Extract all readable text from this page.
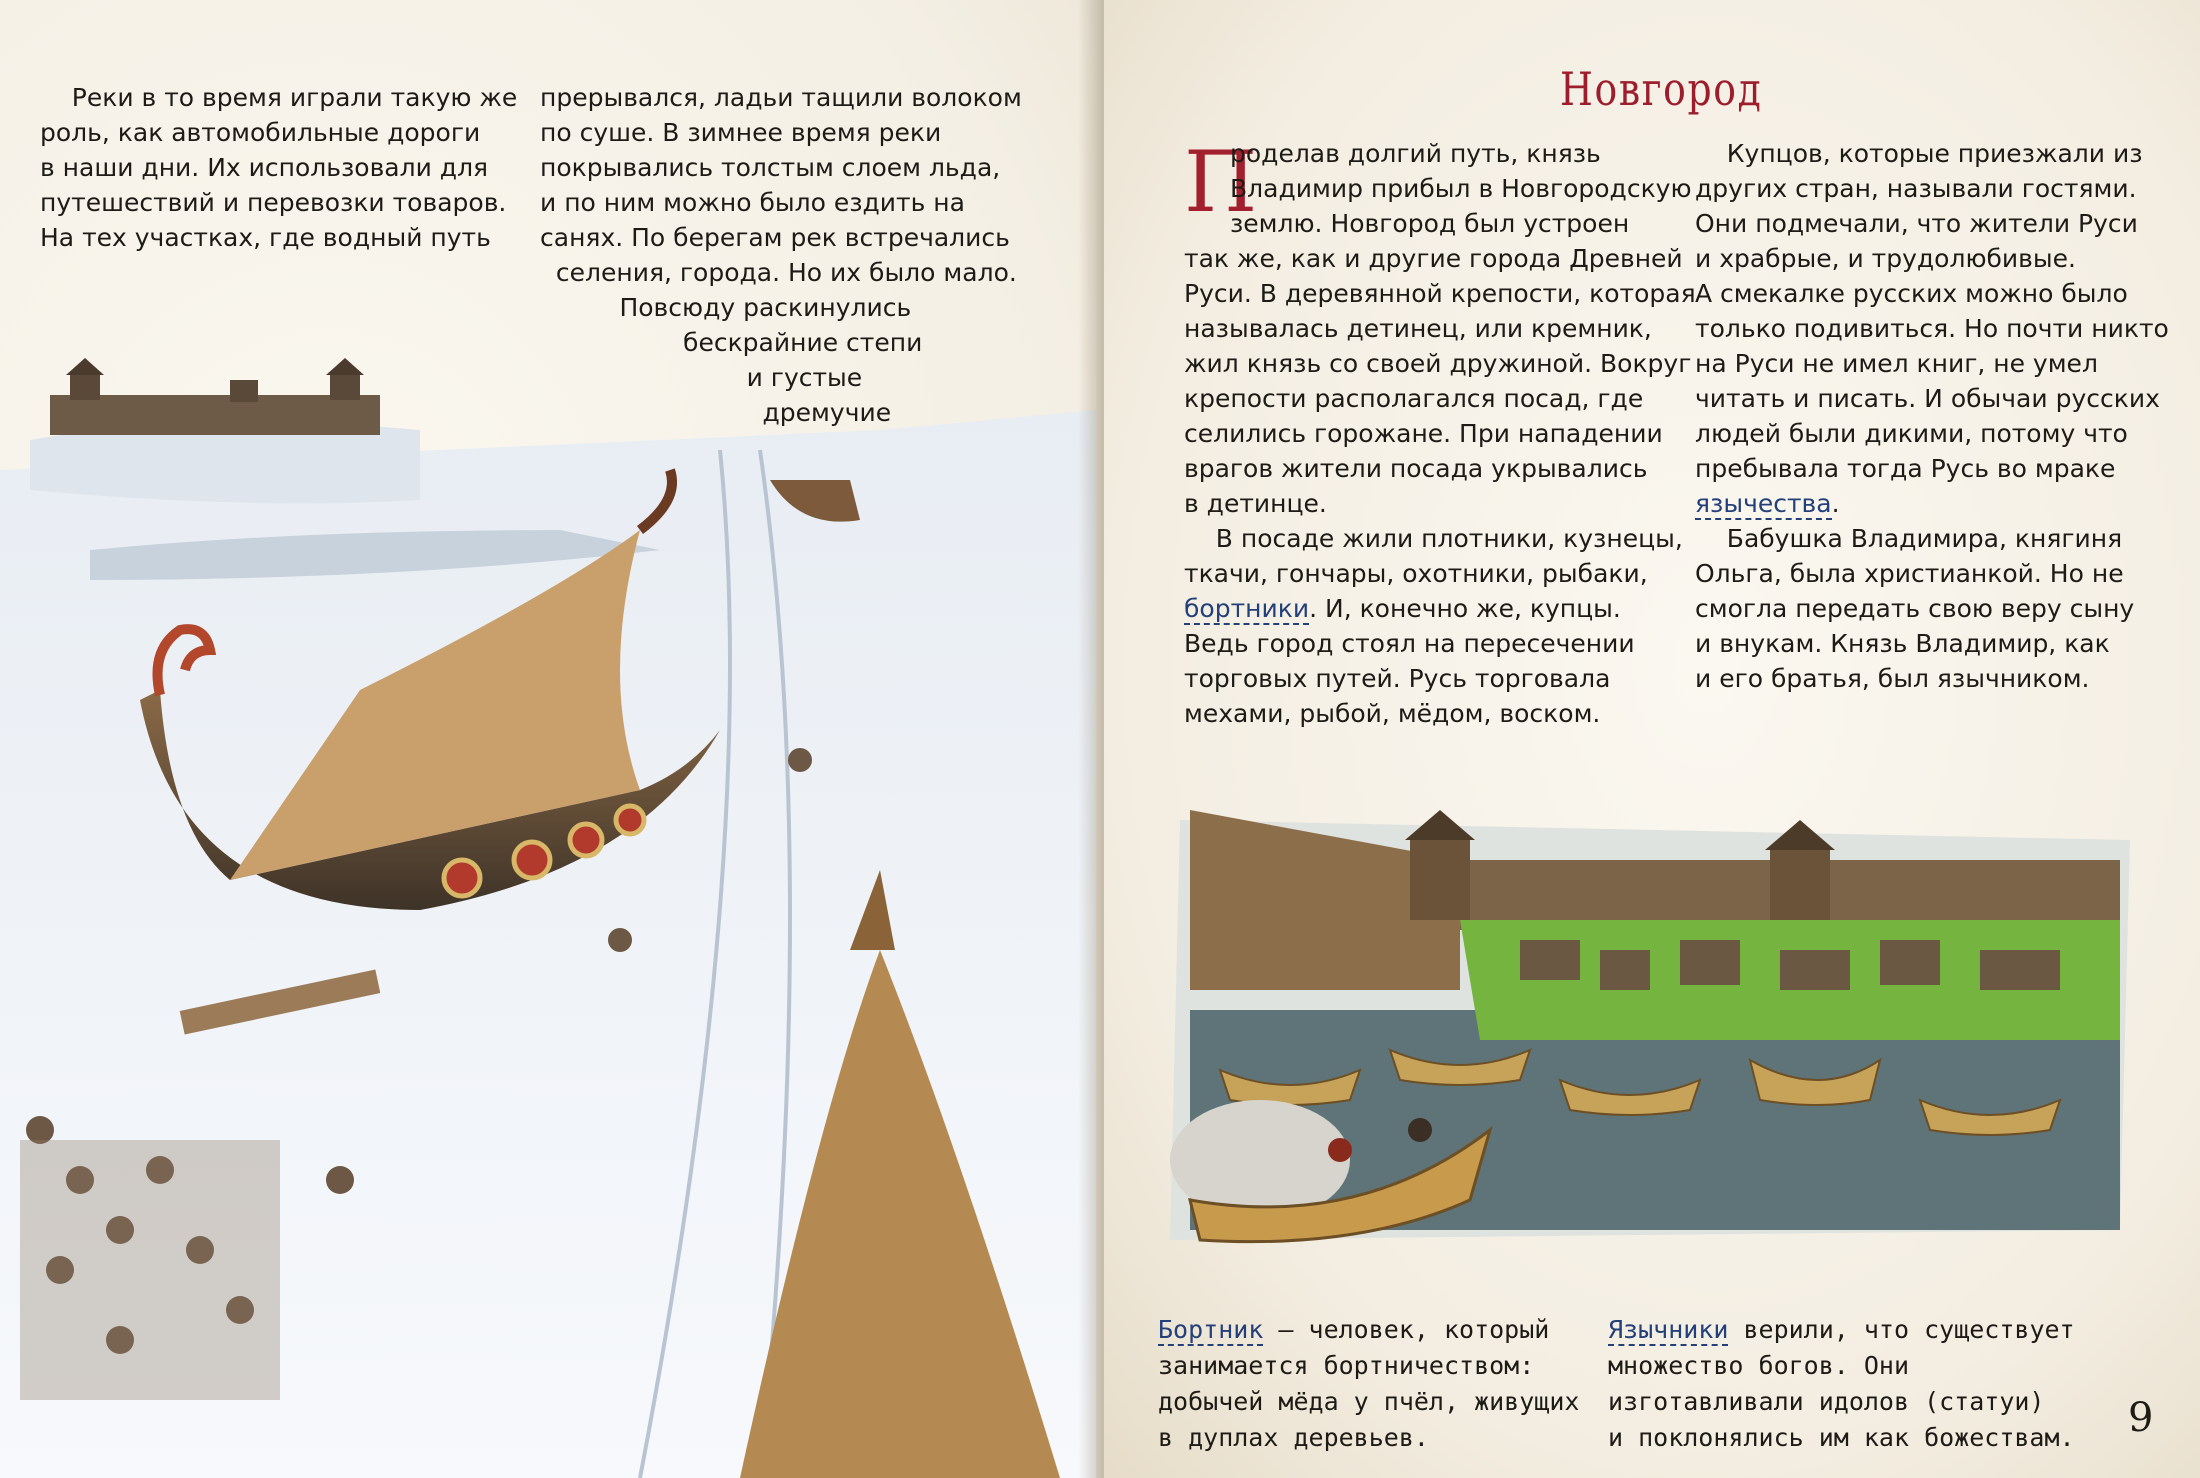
Реки в то время играли такую же
роль, как автомобильные дороги
в наши дни. Их использовали для
путешествий и перевозки товаров.
На тех участках, где водный путь
прерывался, ладьи тащили волоком
по суше. В зимнее время реки
покрывались толстым слоем льда,
и по ним можно было ездить на
санях. По берегам рек встречались
селения, города. Но их было мало.
Повсюду раскинулись
бескрайние степи
и густые
дремучие
Новгород
П
роделав долгий путь, князь
Владимир прибыл в Новгородскую
землю. Новгород был устроен
так же, как и другие города Древней
Руси. В деревянной крепости, которая
называлась детинец, или кремник,
жил князь со своей дружиной. Вокруг
крепости располагался посад, где
селились горожане. При нападении
врагов жители посада укрывались
в детинце.
В посаде жили плотники, кузнецы,
ткачи, гончары, охотники, рыбаки,
бортники. И, конечно же, купцы.
Ведь город стоял на пересечении
торговых путей. Русь торговала
мехами, рыбой, мёдом, воском.
Купцов, которые приезжали из
других стран, называли гостями.
Они подмечали, что жители Руси
и храбрые, и трудолюбивые.
А смекалке русских можно было
только подивиться. Но почти никто
на Руси не имел книг, не умел
читать и писать. И обычаи русских
людей были дикими, потому что
пребывала тогда Русь во мраке
язычества.
Бабушка Владимира, княгиня
Ольга, была христианкой. Но не
смогла передать свою веру сыну
и внукам. Князь Владимир, как
и его братья, был язычником.
Бортник — человек, который
занимается бортничеством:
добычей мёда у пчёл, живущих
в дуплах деревьев.
Язычники верили, что существует
множество богов. Они
изготавливали идолов (статуи)
и поклонялись им как божествам. 9
